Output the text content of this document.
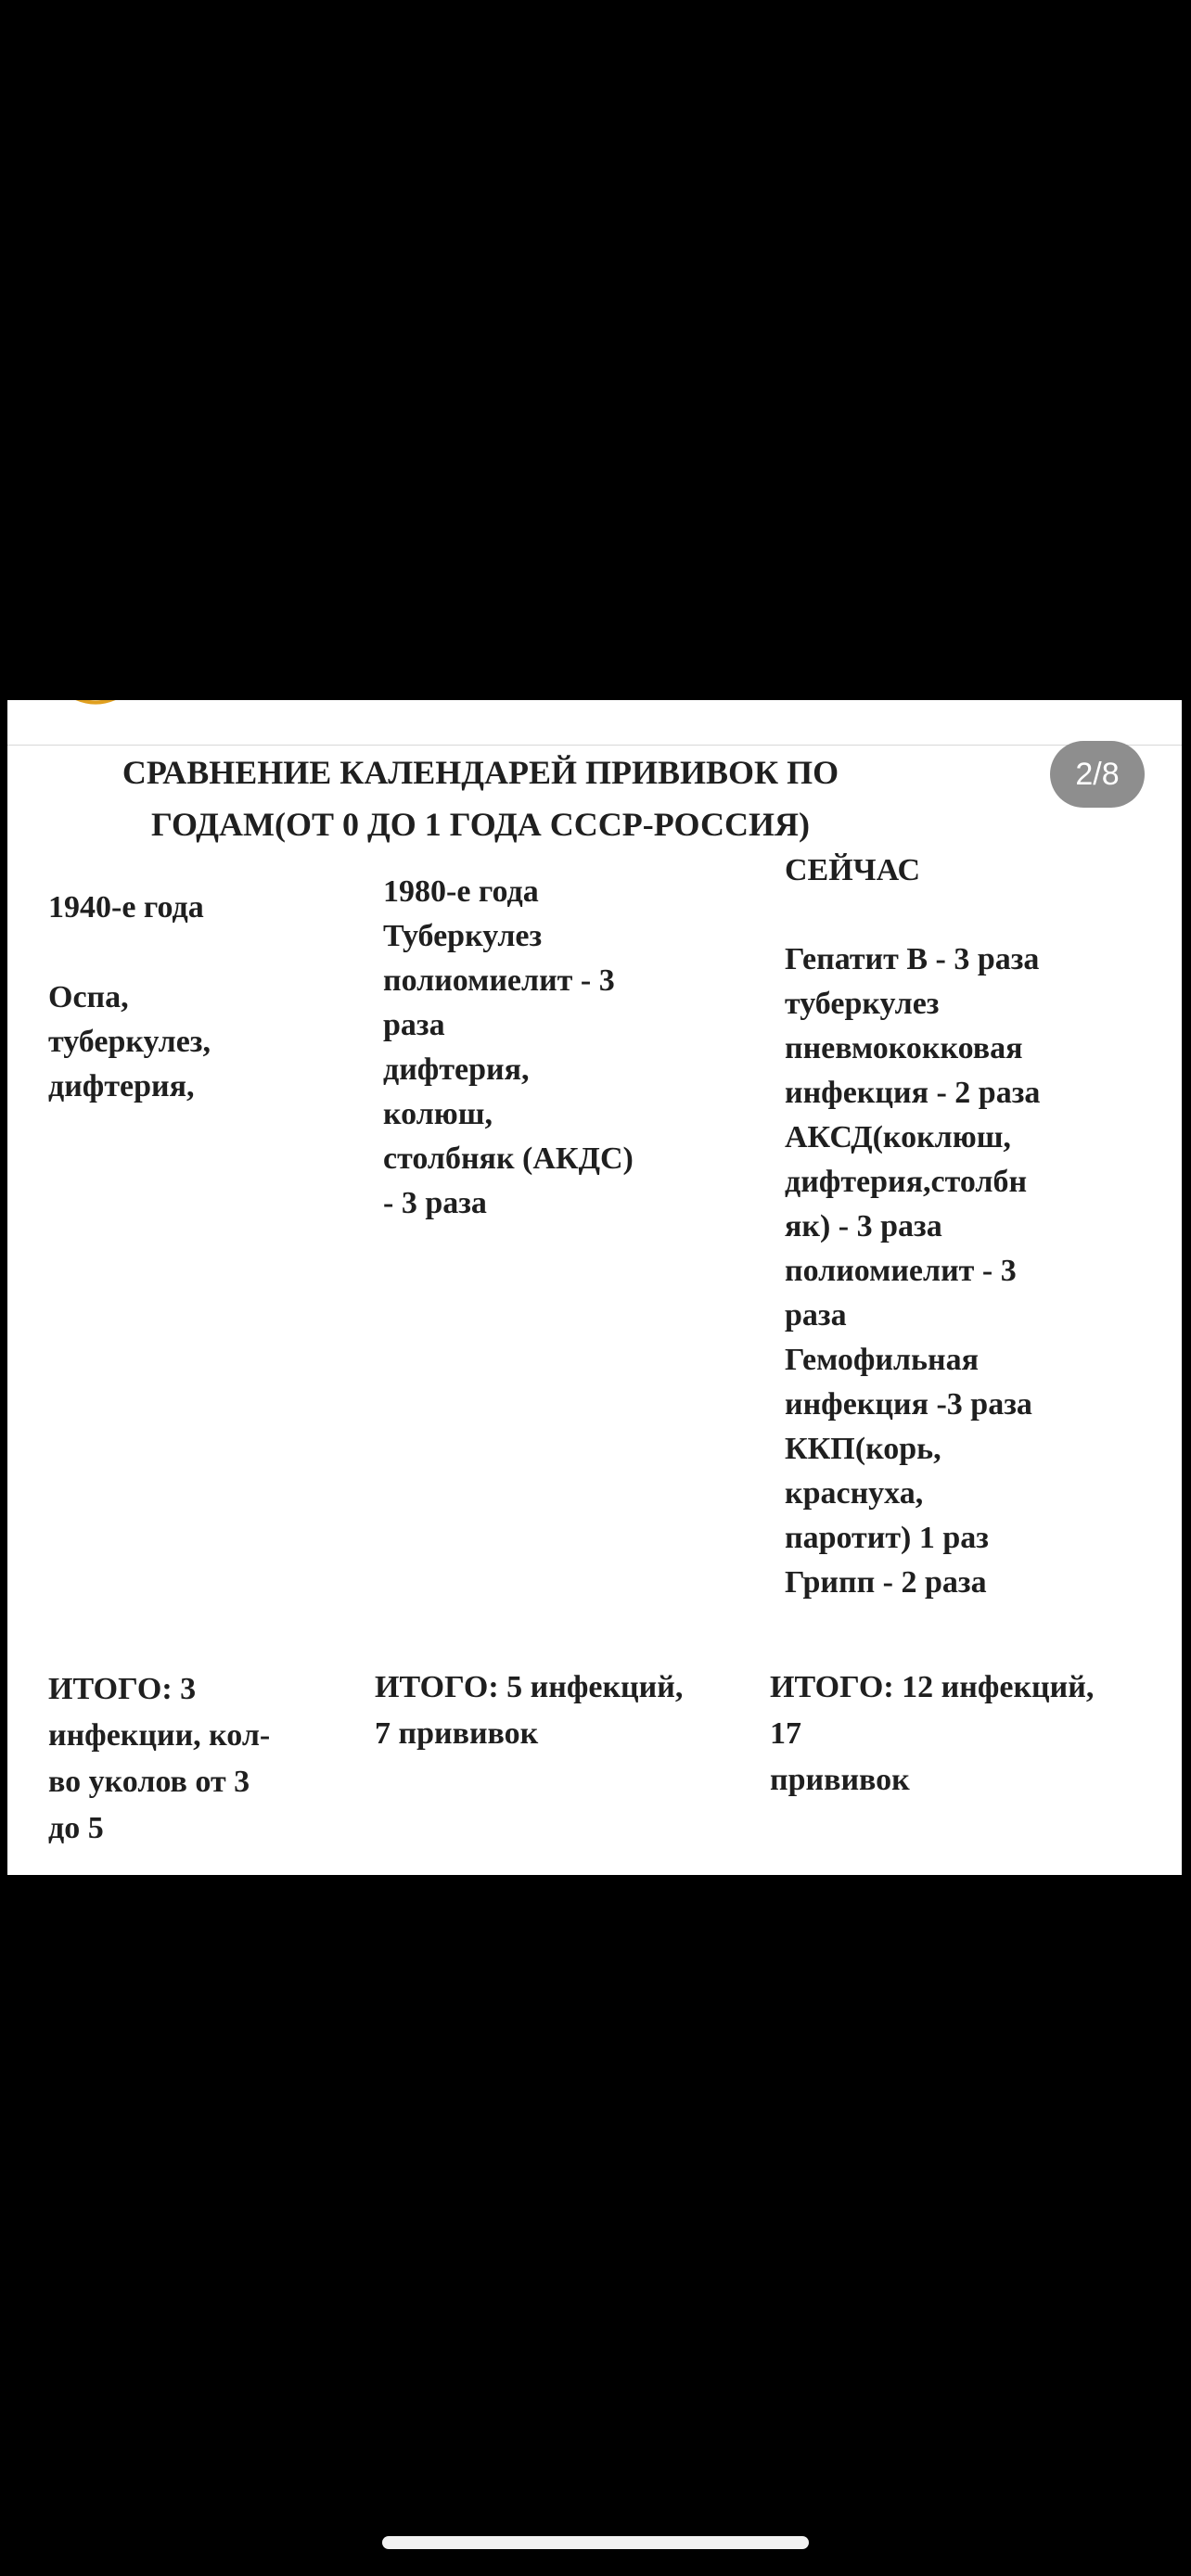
СРАВНЕНИЕ КАЛЕНДАРЕЙ ПРИВИВОК ПО
ГОДАМ(ОТ 0 ДО 1 ГОДА СССР-РОССИЯ)
2/8
1940-е года
Оспа,
туберкулез,
дифтерия,
1980-е года
Туберкулез
полиомиелит - 3
раза
дифтерия,
колюш,
столбняк (АКДС)
- 3 раза
СЕЙЧАС
Гепатит В - 3 раза
туберкулез
пневмококковая
инфекция - 2 раза
АКСД(коклюш,
дифтерия,столбн
як) - 3 раза
полиомиелит - 3
раза
Гемофильная
инфекция -3 раза
ККП(корь,
краснуха,
паротит) 1 раз
Грипп - 2 раза
ИТОГО: 3
инфекции, кол-
во уколов от 3
до 5
ИТОГО: 5 инфекций,
7 прививок
ИТОГО: 12 инфекций,
17
прививок
